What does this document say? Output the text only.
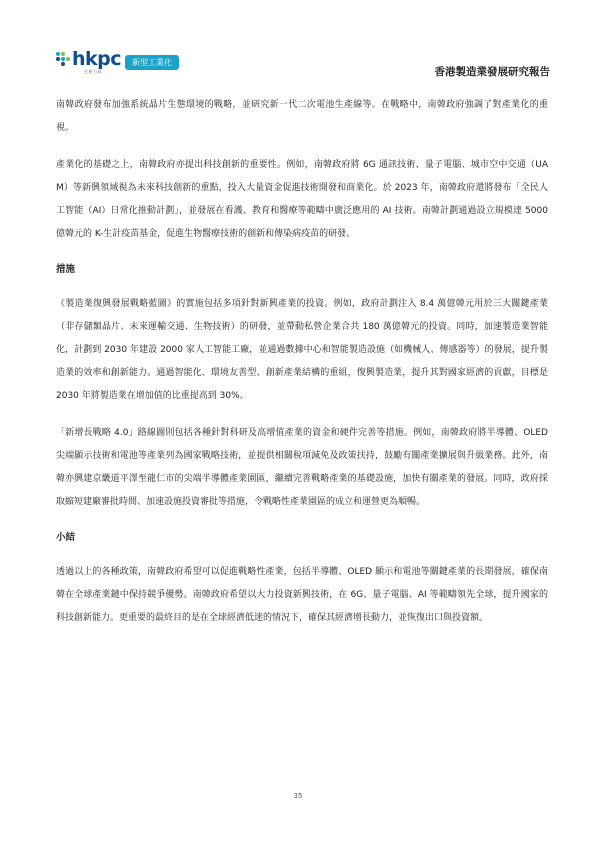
hkpc
生產力局
新型工業化
香港製造業發展研究報告

南韓政府發布加強系統晶片生態環境的戰略，並研究新一代二次電池生產線等。在戰略中，南韓政府強調了對產業化的重視。

產業化的基礎之上，南韓政府亦提出科技創新的重要性。例如，南韓政府將 6G 通訊技術、量子電腦、城市空中交通（UAM）等新興領域視為未來科技創新的重點，投入大量資金促進技術開發和商業化。於 2023 年，南韓政府還將發布「全民人工智能（AI）日常化推動計劃」，並發展在看護、教育和醫療等範疇中廣泛應用的 AI 技術。南韓計劃通過設立規模達 5000 億韓元的 K-生計疫苗基金，促進生物醫療技術的創新和傳染病疫苗的研發。

措施

《製造業復興發展戰略藍圖》的實施包括多項針對新興產業的投資。例如，政府計劃注入 8.4 萬億韓元用於三大關鍵產業（非存儲類晶片、未來運輸交通、生物技術）的研發，並帶動私營企業合共 180 萬億韓元的投資。同時，加速製造業智能化，計劃到 2030 年建設 2000 家人工智能工廠，並通過數據中心和智能製造設施（如機械人、傳感器等）的發展，提升製造業的效率和創新能力。通過智能化、環境友善型、創新產業結構的重組，復興製造業，提升其對國家經濟的貢獻，目標是 2030 年將製造業在增加值的比重提高到 30%。

「新增長戰略 4.0」路線圖則包括各種針對科研及高增值產業的資金和硬件完善等措施。例如，南韓政府將半導體、OLED 尖端顯示技術和電池等產業列為國家戰略技術，並提供相關稅項減免及政策扶持，鼓勵有關產業擴展與升級業務。此外，南韓亦興建京畿道平澤至龍仁市的尖端半導體產業園區，繼續完善戰略產業的基礎設施，加快有關產業的發展。同時，政府採取縮短建廠審批時間、加速設施投資審批等措施，令戰略性產業園區的成立和運營更為順暢。

小結

透過以上的各種政策，南韓政府希望可以促進戰略性產業，包括半導體、OLED 顯示和電池等關鍵產業的長期發展，確保南韓在全球產業鏈中保持競爭優勢。南韓政府希望以大力投資新興技術，在 6G、量子電腦、AI 等範疇領先全球，提升國家的科技創新能力。更重要的最終目的是在全球經濟低迷的情況下，確保其經濟增長動力，並恢復出口與投資額。

35
